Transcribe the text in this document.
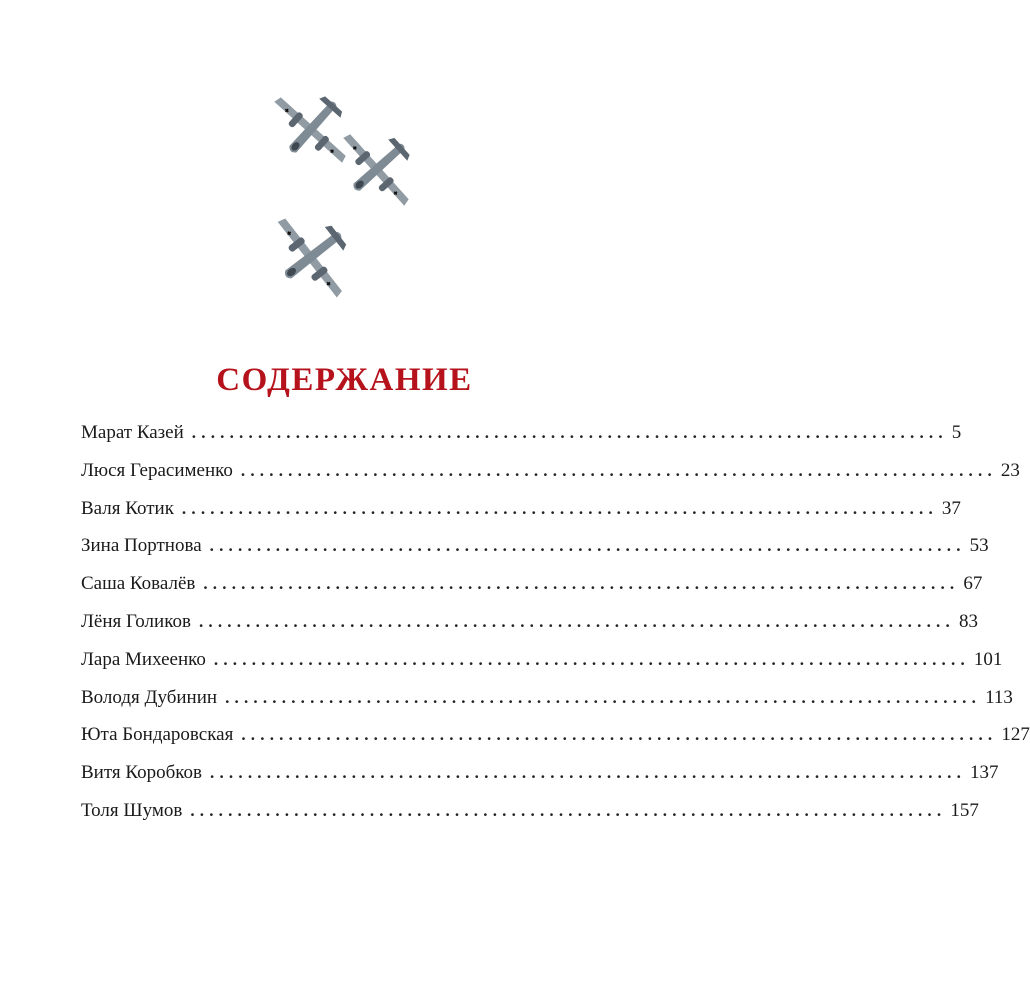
СОДЕРЖАНИЕ
Марат Казей ................................................................................ 5
Люся Герасименко ................................................................................ 23
Валя Котик ................................................................................ 37
Зина Портнова ................................................................................ 53
Саша Ковалёв ................................................................................ 67
Лёня Голиков ................................................................................ 83
Лара Михеенко ................................................................................ 101
Володя Дубинин ................................................................................ 113
Юта Бондаровская ................................................................................ 127
Витя Коробков ................................................................................ 137
Толя Шумов ................................................................................ 157
